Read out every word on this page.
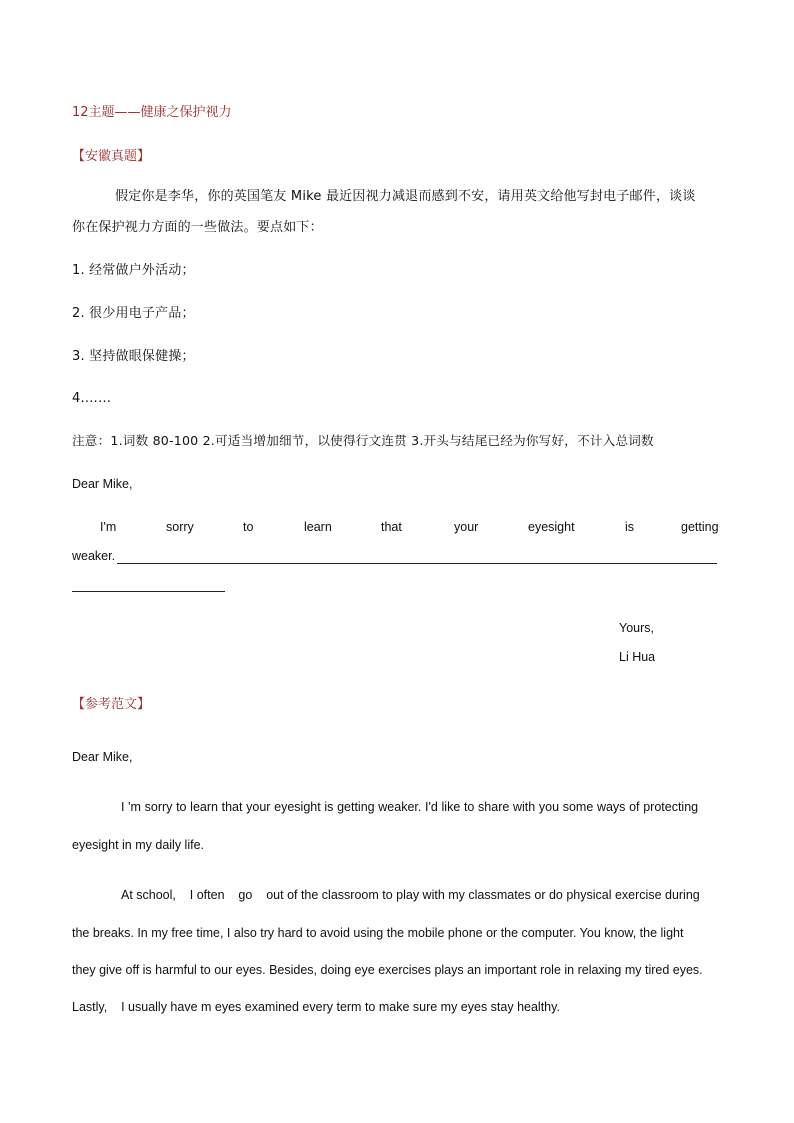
12主题——健康之保护视力
【安徽真题】
假定你是李华，你的英国笔友 Mike 最近因视力减退而感到不安，请用英文给他写封电子邮件，谈谈
你在保护视力方面的一些做法。要点如下：
1. 经常做户外活动；
2. 很少用电子产品；
3. 坚持做眼保健操；
4.……
注意：1.词数 80-100 2.可适当增加细节，以使得行文连贯 3.开头与结尾已经为你写好，不计入总词数
Dear Mike,
I'm	sorry	to	learn	that	your	eyesight	is	getting
weaker.
Yours,
Li Hua
【参考范文】
Dear Mike,
I 'm sorry to learn that your eyesight is getting weaker. I'd like to share with you some ways of protecting
eyesight in my daily life.
At school,    I often    go    out of the classroom to play with my classmates or do physical exercise during
the breaks. In my free time, I also try hard to avoid using the mobile phone or the computer. You know, the light
they give off is harmful to our eyes. Besides, doing eye exercises plays an important role in relaxing my tired eyes.
Lastly,    I usually have m eyes examined every term to make sure my eyes stay healthy.
